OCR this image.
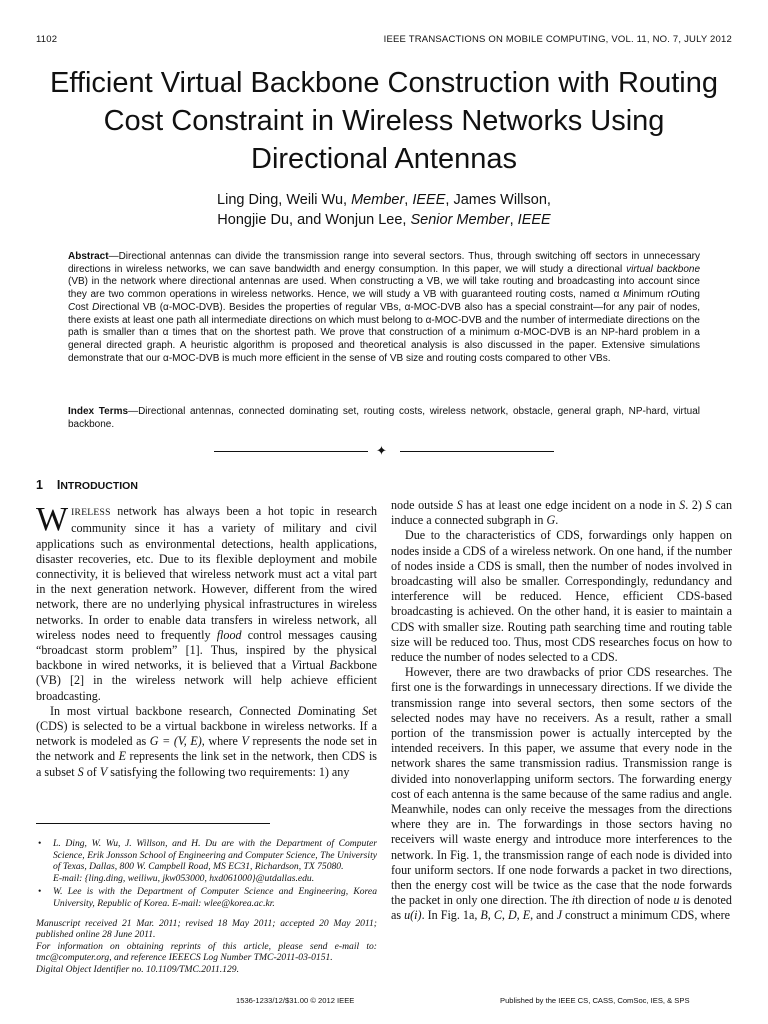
1102	IEEE TRANSACTIONS ON MOBILE COMPUTING, VOL. 11, NO. 7, JULY 2012
Efficient Virtual Backbone Construction with Routing Cost Constraint in Wireless Networks Using Directional Antennas
Ling Ding, Weili Wu, Member, IEEE, James Willson,
Hongjie Du, and Wonjun Lee, Senior Member, IEEE
Abstract—Directional antennas can divide the transmission range into several sectors. Thus, through switching off sectors in unnecessary directions in wireless networks, we can save bandwidth and energy consumption. In this paper, we will study a directional virtual backbone (VB) in the network where directional antennas are used. When constructing a VB, we will take routing and broadcasting into account since they are two common operations in wireless networks. Hence, we will study a VB with guaranteed routing costs, named α Minimum rOuting Cost Directional VB (α-MOC-DVB). Besides the properties of regular VBs, α-MOC-DVB also has a special constraint—for any pair of nodes, there exists at least one path all intermediate directions on which must belong to α-MOC-DVB and the number of intermediate directions on the path is smaller than α times that on the shortest path. We prove that construction of a minimum α-MOC-DVB is an NP-hard problem in a general directed graph. A heuristic algorithm is proposed and theoretical analysis is also discussed in the paper. Extensive simulations demonstrate that our α-MOC-DVB is much more efficient in the sense of VB size and routing costs compared to other VBs.
Index Terms—Directional antennas, connected dominating set, routing costs, wireless network, obstacle, general graph, NP-hard, virtual backbone.
✦
1 INTRODUCTION

WIRELESS network has always been a hot topic in research community since it has a variety of military and civil applications such as environmental detections, health applications, disaster recoveries, etc. Due to its flexible deployment and mobile connectivity, it is believed that wireless network must act a vital part in the next generation network. However, different from the wired network, there are no underlying physical infrastructures in wireless networks. In order to enable data transfers in wireless network, all wireless nodes need to frequently flood control messages causing “broadcast storm problem” [1]. Thus, inspired by the physical backbone in wired networks, it is believed that a Virtual Backbone (VB) [2] in the wireless network will help achieve efficient broadcasting.

In most virtual backbone research, Connected Dominating Set (CDS) is selected to be a virtual backbone in wireless networks. If a network is modeled as G = (V, E), where V represents the node set in the network and E represents the link set in the network, then CDS is a subset S of V satisfying the following two requirements: 1) any

• L. Ding, W. Wu, J. Willson, and H. Du are with the Department of Computer Science, Erik Jonsson School of Engineering and Computer Science, The University of Texas, Dallas, 800 W. Campbell Road, MS EC31, Richardson, TX 75080.
E-mail: {ling.ding, weiliwu, jkw053000, hxd061000}@utdallas.edu.
• W. Lee is with the Department of Computer Science and Engineering, Korea University, Republic of Korea. E-mail: wlee@korea.ac.kr.

Manuscript received 21 Mar. 2011; revised 18 May 2011; accepted 20 May 2011; published online 28 June 2011.

For information on obtaining reprints of this article, please send e-mail to: tmc@computer.org, and reference IEEECS Log Number TMC-2011-03-0151.

Digital Object Identifier no. 10.1109/TMC.2011.129.

node outside S has at least one edge incident on a node in S. 2) S can induce a connected subgraph in G.

Due to the characteristics of CDS, forwardings only happen on nodes inside a CDS of a wireless network. On one hand, if the number of nodes inside a CDS is small, then the number of nodes involved in broadcasting will also be smaller. Correspondingly, redundancy and interference will be reduced. Hence, efficient CDS-based broadcasting is achieved. On the other hand, it is easier to maintain a CDS with smaller size. Routing path searching time and routing table size will be reduced too. Thus, most CDS researches focus on how to reduce the number of nodes selected to a CDS.

However, there are two drawbacks of prior CDS researches. The first one is the forwardings in unnecessary directions. If we divide the transmission range into several sectors, then some sectors of the selected nodes may have no receivers. As a result, rather a small portion of the transmission power is actually intercepted by the intended receivers. In this paper, we assume that every node in the network shares the same transmission radius. Transmission range is divided into nonoverlapping uniform sectors. The forwarding energy cost of each antenna is the same because of the same radius and angle. Meanwhile, nodes can only receive the messages from the directions where they are in. The forwardings in those sectors having no receivers will waste energy and introduce more interferences to the network. In Fig. 1, the transmission range of each node is divided into four uniform sectors. If one node forwards a packet in two directions, then the energy cost will be twice as the case that the node forwards the packet in only one direction. The ith direction of node u is denoted as u(i). In Fig. 1a, B, C, D, E, and J construct a minimum CDS, where

1536-1233/12/$31.00 © 2012 IEEE	Published by the IEEE CS, CASS, ComSoc, IES, & SPS
